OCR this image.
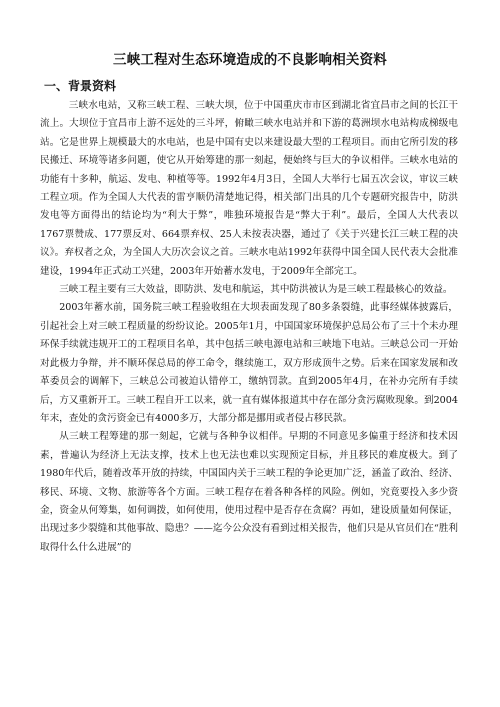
三峡工程对生态环境造成的不良影响相关资料
一、背景资料

三峡水电站，又称三峡工程、三峡大坝，位于中国重庆市市区到湖北省宜昌市之间的长江干流上。大坝位于宜昌市上游不远处的三斗坪，俯瞰三峡水电站并和下游的葛洲坝水电站构成梯级电站。它是世界上规模最大的水电站，也是中国有史以来建设最大型的工程项目。而由它所引发的移民搬迁、环境等诸多问题，使它从开始筹建的那一刻起，便始终与巨大的争议相伴。三峡水电站的功能有十多种，航运、发电、种植等等。1992年4月3日，全国人大举行七届五次会议，审议三峡工程立项。作为全国人大代表的雷亨顺仍清楚地记得，相关部门出具的几个专题研究报告中，防洪发电等方面得出的结论均为“利大于弊”，唯独环境报告是“弊大于利”。最后，全国人大代表以1767票赞成、177票反对、664票弃权、25人未按表决器，通过了《关于兴建长江三峡工程的决议》。弃权者之众，为全国人大历次会议之首。三峡水电站1992年获得中国全国人民代表大会批准建设，1994年正式动工兴建，2003年开始蓄水发电，于2009年全部完工。

三峡工程主要有三大效益，即防洪、发电和航运，其中防洪被认为是三峡工程最核心的效益。

2003年蓄水前，国务院三峡工程验收组在大坝表面发现了80多条裂缝，此事经媒体披露后，引起社会上对三峡工程质量的纷纷议论。2005年1月，中国国家环境保护总局公布了三十个未办理环保手续就违规开工的工程项目名单，其中包括三峡电源电站和三峡地下电站。三峡总公司一开始对此极力争辩，并不顺环保总局的停工命令，继续施工，双方形成顶牛之势。后来在国家发展和改革委员会的调解下，三峡总公司被迫认错停工，缴纳罚款。直到2005年4月，在补办完所有手续后，方又重新开工。三峡工程自开工以来，就一直有媒体报道其中存在部分贪污腐败现象。到2004年末，查处的贪污资金已有4000多万，大部分都是挪用或者侵占移民款。

从三峡工程筹建的那一刻起，它就与各种争议相伴。早期的不同意见多偏重于经济和技术因素，普遍认为经济上无法支撑，技术上也无法也难以实现预定目标，并且移民的难度极大。到了1980年代后，随着改革开放的持续，中国国内关于三峡工程的争论更加广泛，涵盖了政治、经济、移民、环境、文物、旅游等各个方面。三峡工程存在着各种各样的风险。例如，究竟要投入多少资金，资金从何筹集，如何调拨，如何使用，使用过程中是否存在贪腐？再如，建设质量如何保证，出现过多少裂缝和其他事故、隐患？——迄今公众没有看到过相关报告，他们只是从官员们在“胜利取得什么什么进展”的
